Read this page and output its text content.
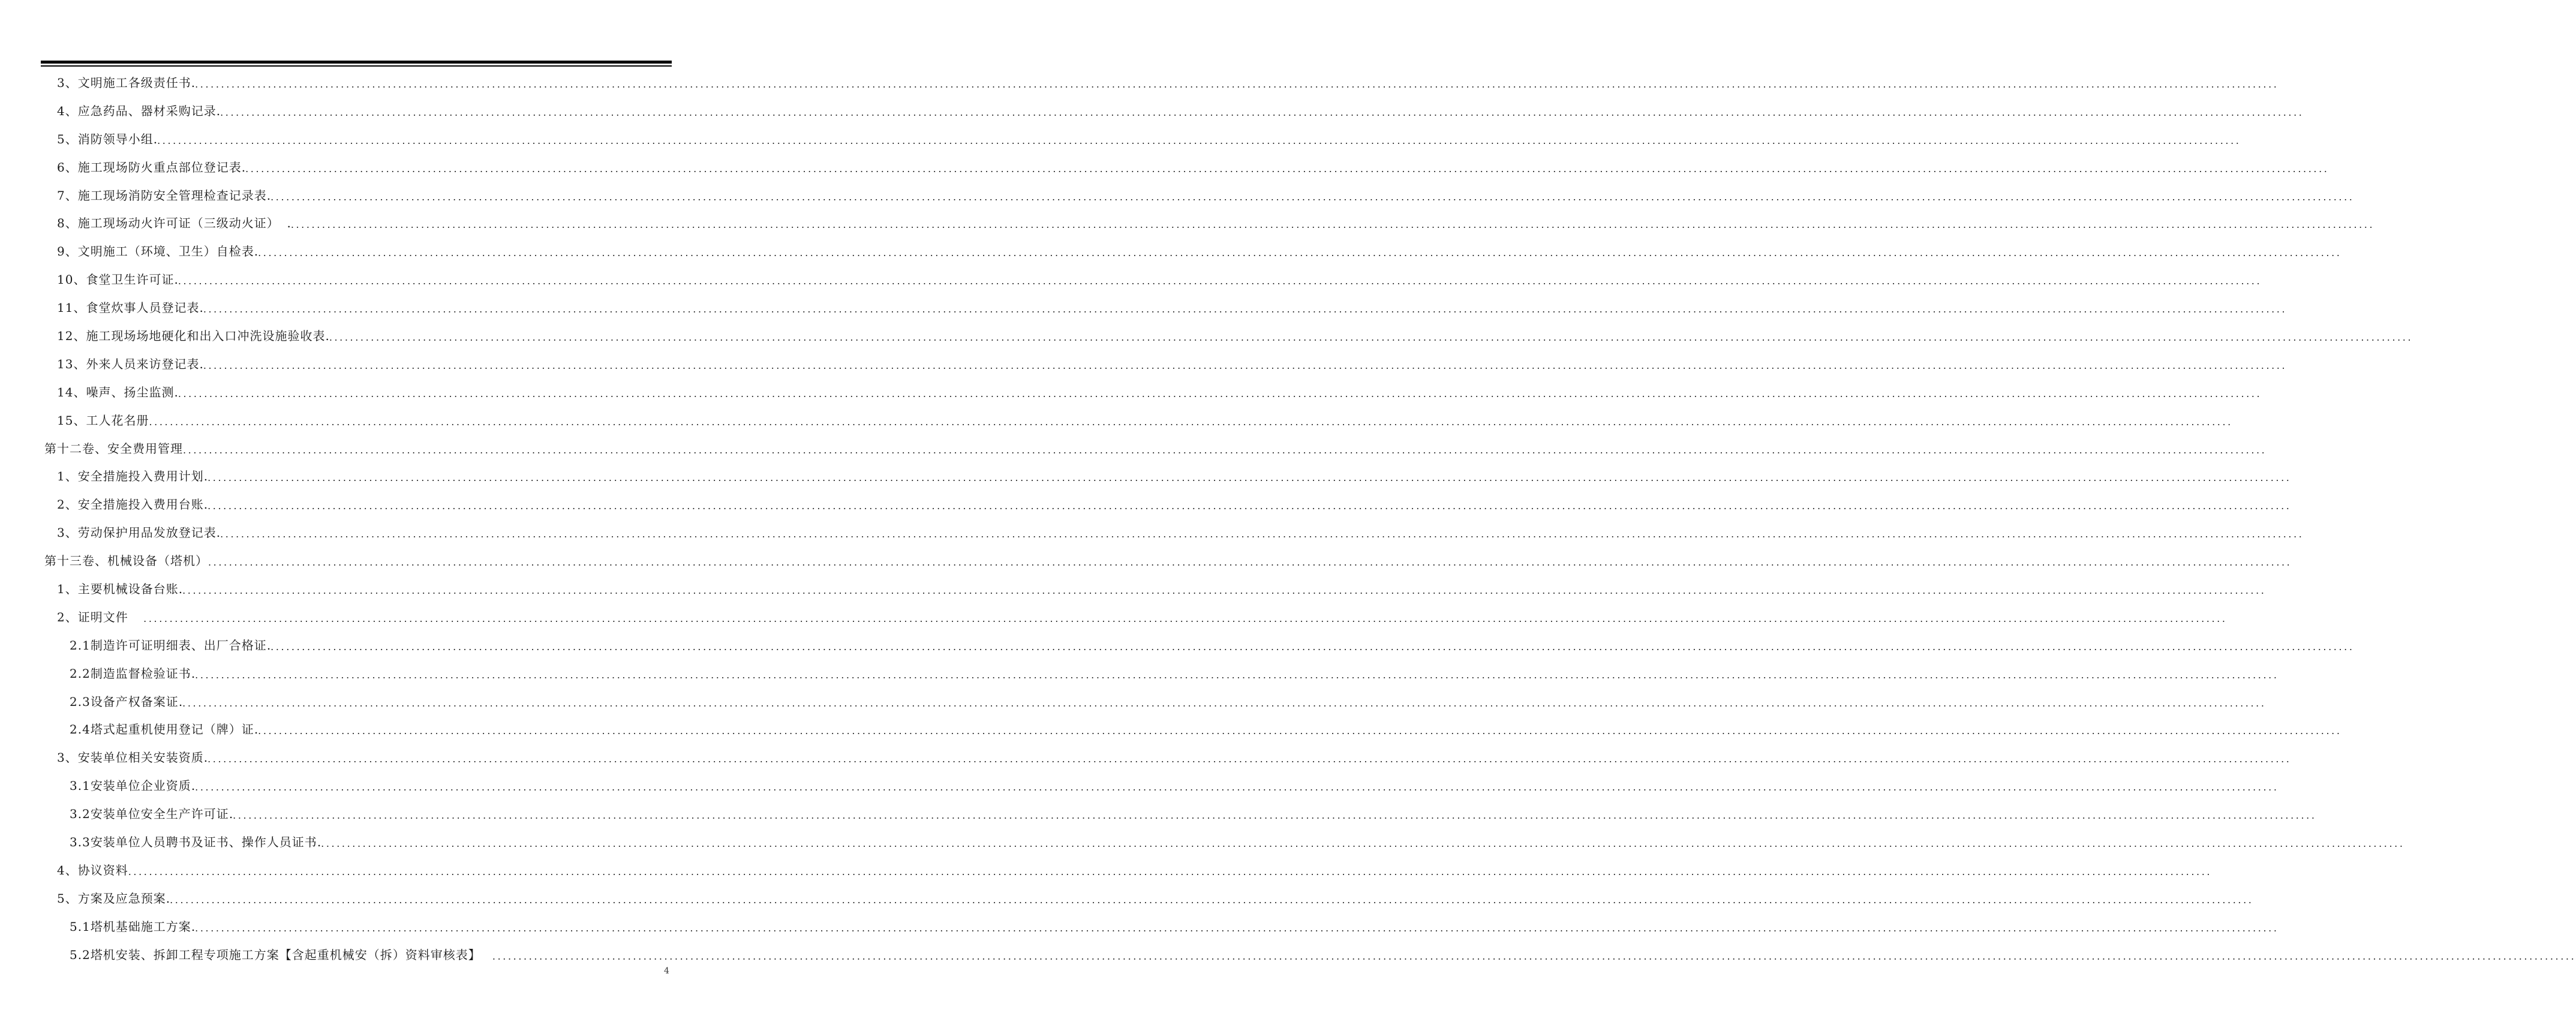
3、 文明施工各级责任书 . ................................................................................................................................................................................................................................................................................................................................................................................................................
4、 应急药品、器材采购记录 . ................................................................................................................................................................................................................................................................................................................................................................................................................
5、 消防领导小组 . ................................................................................................................................................................................................................................................................................................................................................................................................................
6、 施工现场防火重点部位登记表 . ................................................................................................................................................................................................................................................................................................................................................................................................................
7、 施工现场消防安全管理检查记录表 . ................................................................................................................................................................................................................................................................................................................................................................................................................
8、 施工现场动火许可证（三级动火证） . ................................................................................................................................................................................................................................................................................................................................................................................................................
9、 文明施工（环境、卫生）自检表 . ................................................................................................................................................................................................................................................................................................................................................................................................................
10、 食堂卫生许可证 . ................................................................................................................................................................................................................................................................................................................................................................................................................
11、 食堂炊事人员登记表 . ................................................................................................................................................................................................................................................................................................................................................................................................................
12、 施工现场场地硬化和出入口冲洗设施验收表 . ................................................................................................................................................................................................................................................................................................................................................................................................................
13、 外来人员来访登记表 . ................................................................................................................................................................................................................................................................................................................................................................................................................
14、 噪声、扬尘监测 . ................................................................................................................................................................................................................................................................................................................................................................................................................
15、 工人花名册 ................................................................................................................................................................................................................................................................................................................................................................................................................
第十二卷、 安全费用管理 ................................................................................................................................................................................................................................................................................................................................................................................................................
1、 安全措施投入费用计划 . ................................................................................................................................................................................................................................................................................................................................................................................................................
2、 安全措施投入费用台账 . ................................................................................................................................................................................................................................................................................................................................................................................................................
3、 劳动保护用品发放登记表 . ................................................................................................................................................................................................................................................................................................................................................................................................................
第十三卷、 机械设备（塔机） ................................................................................................................................................................................................................................................................................................................................................................................................................
1、 主要机械设备台账 . ................................................................................................................................................................................................................................................................................................................................................................................................................
2、 证明文件
................................................................................................................................................................................................................................................................................................................................................................................................................
2.1 制造许可证明细表、出厂合格证 . ................................................................................................................................................................................................................................................................................................................................................................................................................
2.2 制造监督检验证书 . ................................................................................................................................................................................................................................................................................................................................................................................................................
2.3 设备产权备案证 . ................................................................................................................................................................................................................................................................................................................................................................................................................
2.4 塔式起重机使用登记（牌）证 . ................................................................................................................................................................................................................................................................................................................................................................................................................
3、 安装单位相关安装资质 . ................................................................................................................................................................................................................................................................................................................................................................................................................
3.1 安装单位企业资质 . ................................................................................................................................................................................................................................................................................................................................................................................................................
3.2 安装单位安全生产许可证 . ................................................................................................................................................................................................................................................................................................................................................................................................................
3.3 安装单位人员聘书及证书、操作人员证书 . ................................................................................................................................................................................................................................................................................................................................................................................................................
4、 协议资料 ................................................................................................................................................................................................................................................................................................................................................................................................................
5、 方案及应急预案 . ................................................................................................................................................................................................................................................................................................................................................................................................................
5.1 塔机基础施工方案 . ................................................................................................................................................................................................................................................................................................................................................................................................................
5.2 塔机安装、拆卸工程专项施工方案【含起重机械安（拆）资料审核表】
................................................................................................................................................................................................................................................................................................................................................................................................................
4
